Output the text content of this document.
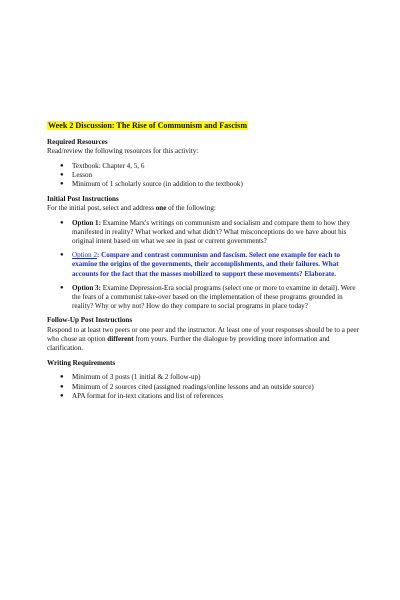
Week 2 Discussion: The Rise of Communism and Fascism

Required Resources

Read/review the following resources for this activity:

● Textbook: Chapter 4, 5, 6
● Lesson
● Minimum of 1 scholarly source (in addition to the textbook)

Initial Post Instructions

For the initial post, select and address one of the following:

● Option 1: Examine Marx's writings on communism and socialism and compare them to how they manifested in reality? What worked and what didn't? What misconceptions do we have about his original intent based on what we see in past or current governments?
● Option 2: Compare and contrast communism and fascism. Select one example for each to examine the origins of the governments, their accomplishments, and their failures. What accounts for the fact that the masses mobilized to support these movements? Elaborate.
● Option 3: Examine Depression-Era social programs (select one or more to examine in detail). Were the fears of a communist take-over based on the implementation of these programs grounded in reality? Why or why not? How do they compare to social programs in place today?

Follow-Up Post Instructions

Respond to at least two peers or one peer and the instructor. At least one of your responses should be to a peer who chose an option different from yours. Further the dialogue by providing more information and clarification.

Writing Requirements

● Minimum of 3 posts (1 initial & 2 follow-up)
● Minimum of 2 sources cited (assigned readings/online lessons and an outside source)
● APA format for in-text citations and list of references
